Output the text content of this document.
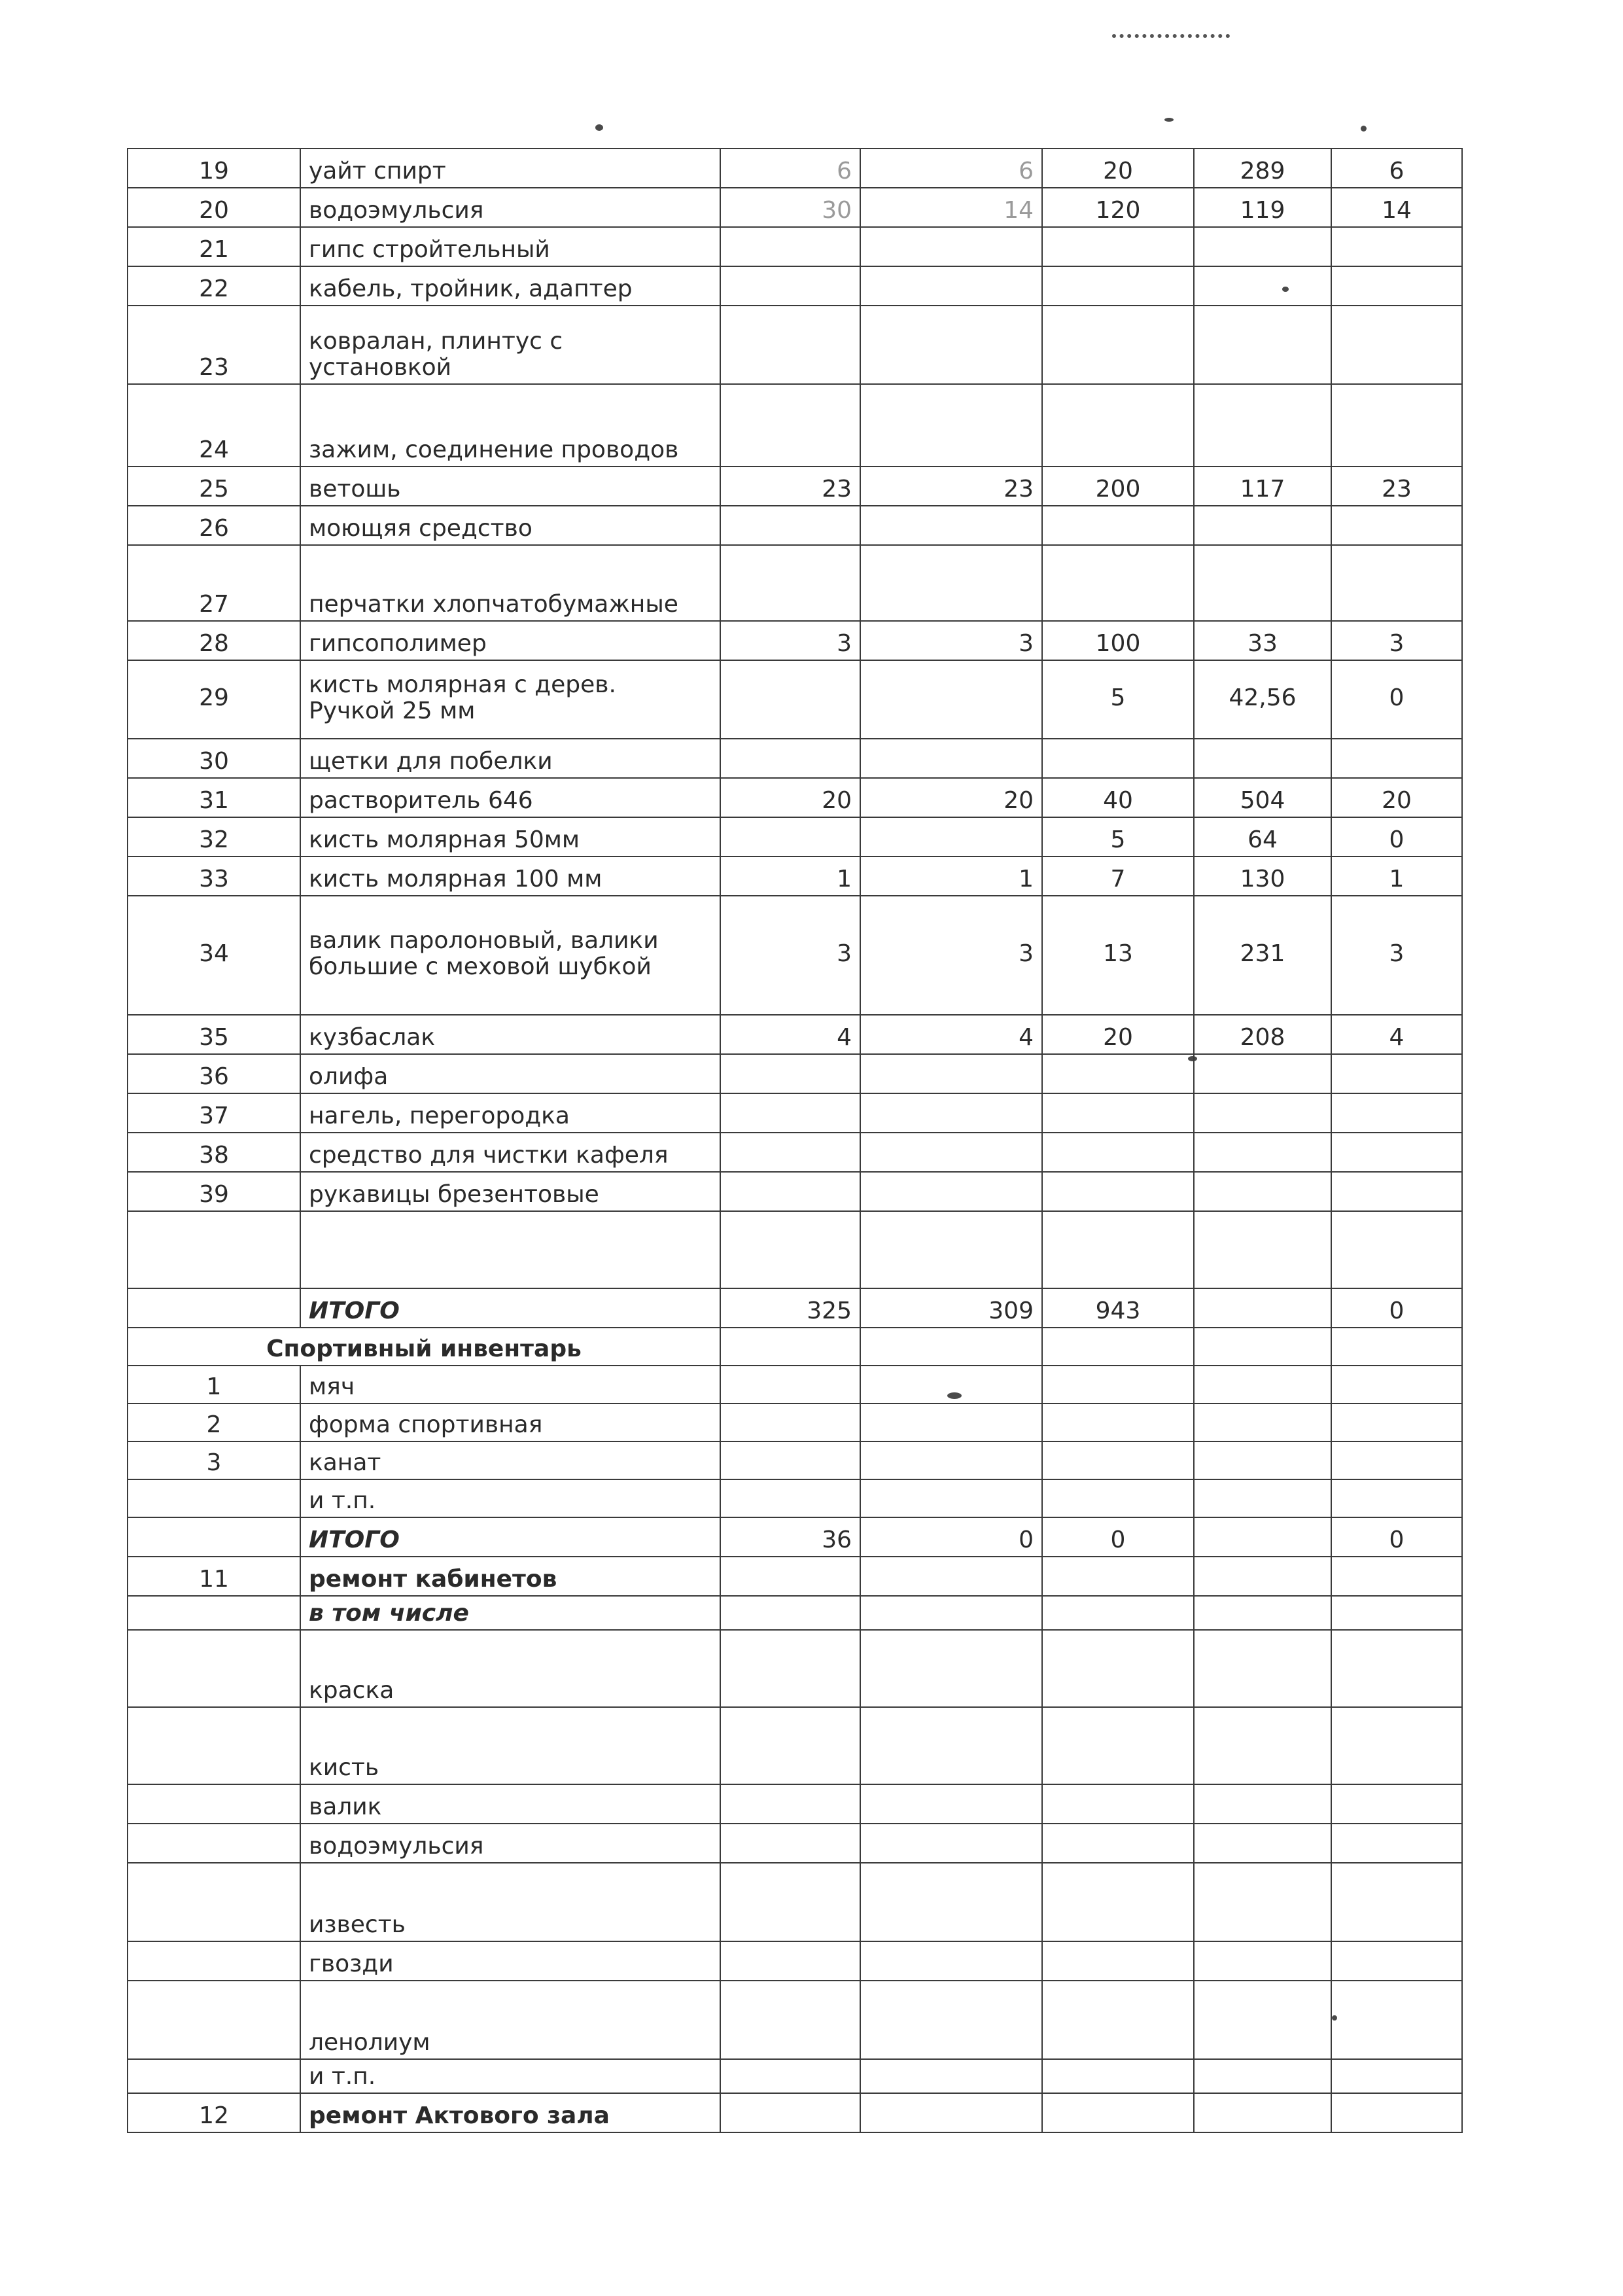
19	уайт спирт	6	6	20	289	6
20	водоэмульсия	30	14	120	119	14
21	гипс стройтельный					
22	кабель, тройник, адаптер					
23	ковралан, плинтус с
установкой					
24	зажим, соединение проводов					
25	ветошь	23	23	200	117	23
26	моющяя средство					
27	перчатки хлопчатобумажные					
28	гипсополимер	3	3	100	33	3
29	кисть молярная с дерев.
Ручкой 25 мм			5	42,56	0
30	щетки для побелки					
31	растворитель 646	20	20	40	504	20
32	кисть молярная 50мм			5	64	0
33	кисть молярная 100 мм	1	1	7	130	1
34	валик паролоновый, валики
большие с меховой шубкой	3	3	13	231	3
35	кузбаслак	4	4	20	208	4
36	олифа					
37	нагель, перегородка					
38	средство для чистки кафеля					
39	рукавицы брезентовые					

	ИТОГО	325	309	943		0
Спортивный инвентарь						
1	мяч					
2	форма спортивная					
3	канат					
	и т.п.					
	ИТОГО	36	0	0		0
11	ремонт кабинетов					
	в том числе					
	краска					
	кисть					
	валик					
	водоэмульсия					
	известь					
	гвозди					
	ленолиум					
	и т.п.					
12	ремонт Актового зала					
